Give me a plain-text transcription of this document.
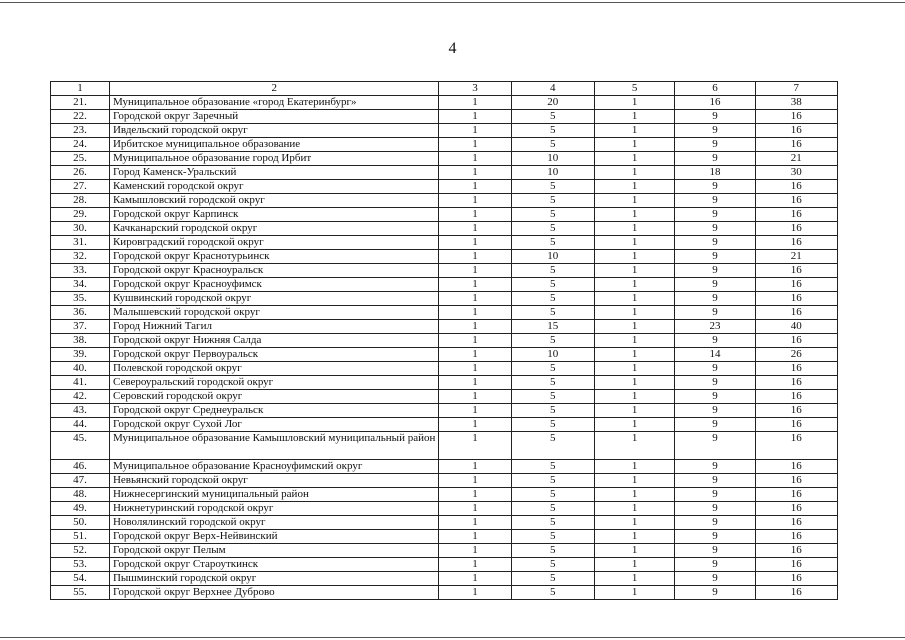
4
1	2	3	4	5	6	7
21.	Муниципальное образование «город Екатеринбург»	1	20	1	16	38
22.	Городской округ Заречный	1	5	1	9	16
23.	Ивдельский городской округ	1	5	1	9	16
24.	Ирбитское муниципальное образование	1	5	1	9	16
25.	Муниципальное образование город Ирбит	1	10	1	9	21
26.	Город Каменск-Уральский	1	10	1	18	30
27.	Каменский городской округ	1	5	1	9	16
28.	Камышловский городской округ	1	5	1	9	16
29.	Городской округ Карпинск	1	5	1	9	16
30.	Качканарский городской округ	1	5	1	9	16
31.	Кировградский городской округ	1	5	1	9	16
32.	Городской округ Краснотурьинск	1	10	1	9	21
33.	Городской округ Красноуральск	1	5	1	9	16
34.	Городской округ Красноуфимск	1	5	1	9	16
35.	Кушвинский городской округ	1	5	1	9	16
36.	Малышевский городской округ	1	5	1	9	16
37.	Город Нижний Тагил	1	15	1	23	40
38.	Городской округ Нижняя Салда	1	5	1	9	16
39.	Городской округ Первоуральск	1	10	1	14	26
40.	Полевской городской округ	1	5	1	9	16
41.	Североуральский городской округ	1	5	1	9	16
42.	Серовский городской округ	1	5	1	9	16
43.	Городской округ Среднеуральск	1	5	1	9	16
44.	Городской округ Сухой Лог	1	5	1	9	16
45.	Муниципальное образование Камышловский муниципальный район	1	5	1	9	16
46.	Муниципальное образование Красноуфимский округ	1	5	1	9	16
47.	Невьянский городской округ	1	5	1	9	16
48.	Нижнесергинский муниципальный район	1	5	1	9	16
49.	Нижнетуринский городской округ	1	5	1	9	16
50.	Новолялинский городской округ	1	5	1	9	16
51.	Городской округ Верх-Нейвинский	1	5	1	9	16
52.	Городской округ Пелым	1	5	1	9	16
53.	Городской округ Староуткинск	1	5	1	9	16
54.	Пышминский городской округ	1	5	1	9	16
55.	Городской округ Верхнее Дуброво	1	5	1	9	16
